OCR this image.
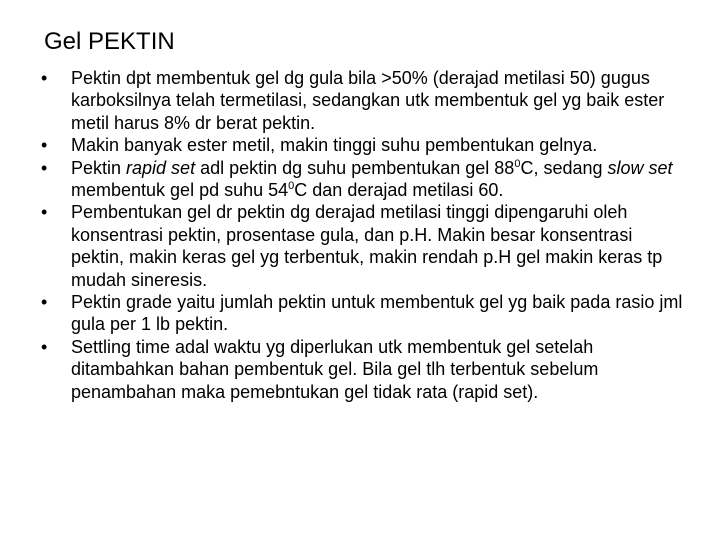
Gel PEKTIN
• Pektin dpt membentuk gel dg gula bila >50% (derajad metilasi 50) gugus karboksilnya telah termetilasi, sedangkan utk membentuk gel yg baik ester metil harus 8% dr berat pektin.
• Makin banyak ester metil, makin tinggi suhu pembentukan gelnya.
• Pektin rapid set adl pektin dg suhu pembentukan gel $88^0C$, sedang slow set membentuk gel pd suhu $54^0C$ dan derajad metilasi 60.
• Pembentukan gel dr pektin dg derajad metilasi tinggi dipengaruhi oleh konsentrasi pektin, prosentase gula, dan p.H. Makin besar konsentrasi pektin, makin keras gel yg terbentuk, makin rendah p.H gel makin keras tp mudah sineresis.
• Pektin grade yaitu jumlah pektin untuk membentuk gel yg baik pada rasio jml gula per 1 lb pektin.
• Settling time adal waktu yg diperlukan utk membentuk gel setelah ditambahkan bahan pembentuk gel. Bila gel tlh terbentuk sebelum penambahan maka pemebntukan gel tidak rata (rapid set).
